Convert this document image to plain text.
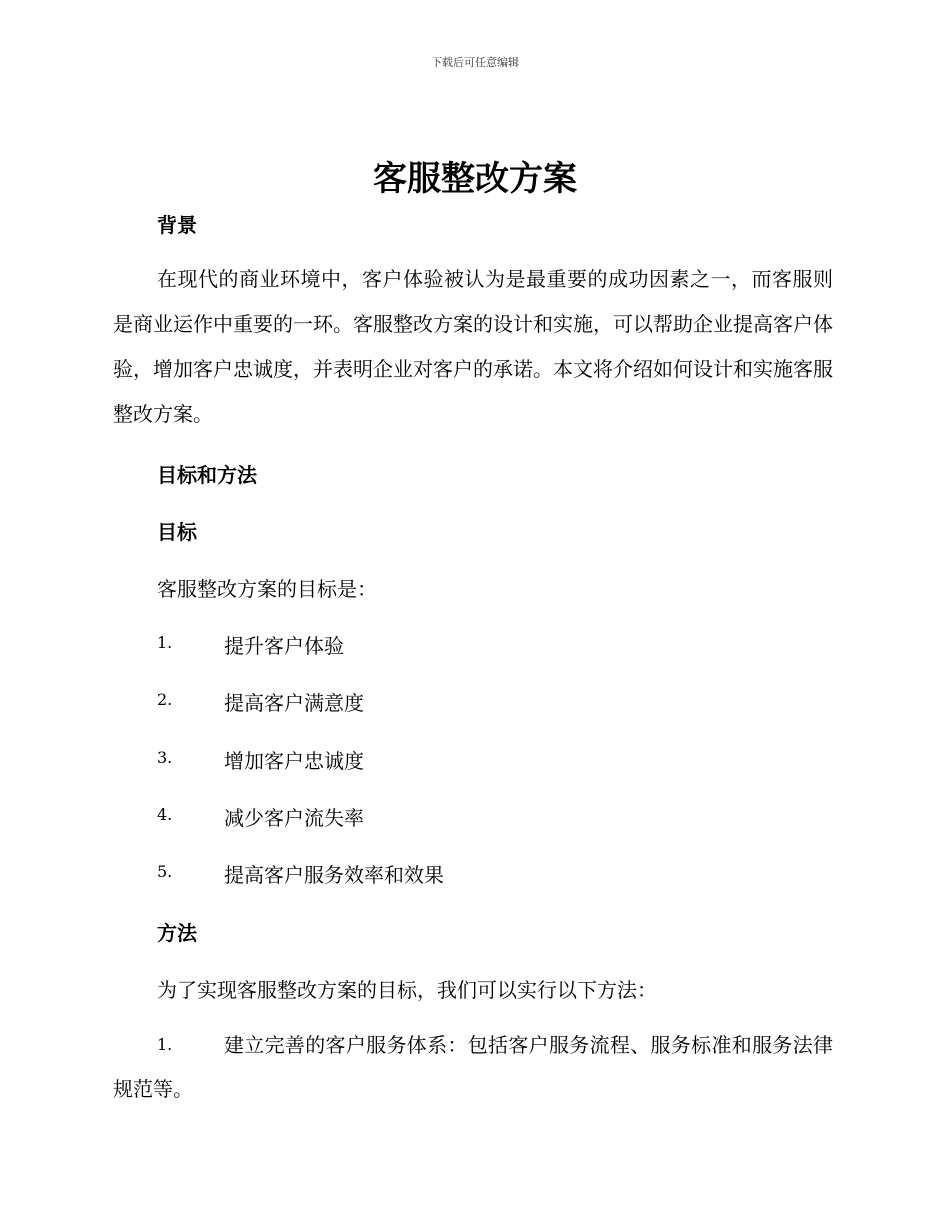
下载后可任意编辑
客服整改方案
背景
在现代的商业环境中，客户体验被认为是最重要的成功因素之一，而客服则是商业运作中重要的一环。客服整改方案的设计和实施，可以帮助企业提高客户体验，增加客户忠诚度，并表明企业对客户的承诺。本文将介绍如何设计和实施客服整改方案。
目标和方法
目标
客服整改方案的目标是：
1.	提升客户体验
2.	提高客户满意度
3.	增加客户忠诚度
4.	减少客户流失率
5.	提高客户服务效率和效果
方法
为了实现客服整改方案的目标，我们可以实行以下方法：
1.	建立完善的客户服务体系：包括客户服务流程、服务标准和服务法律规范等。
